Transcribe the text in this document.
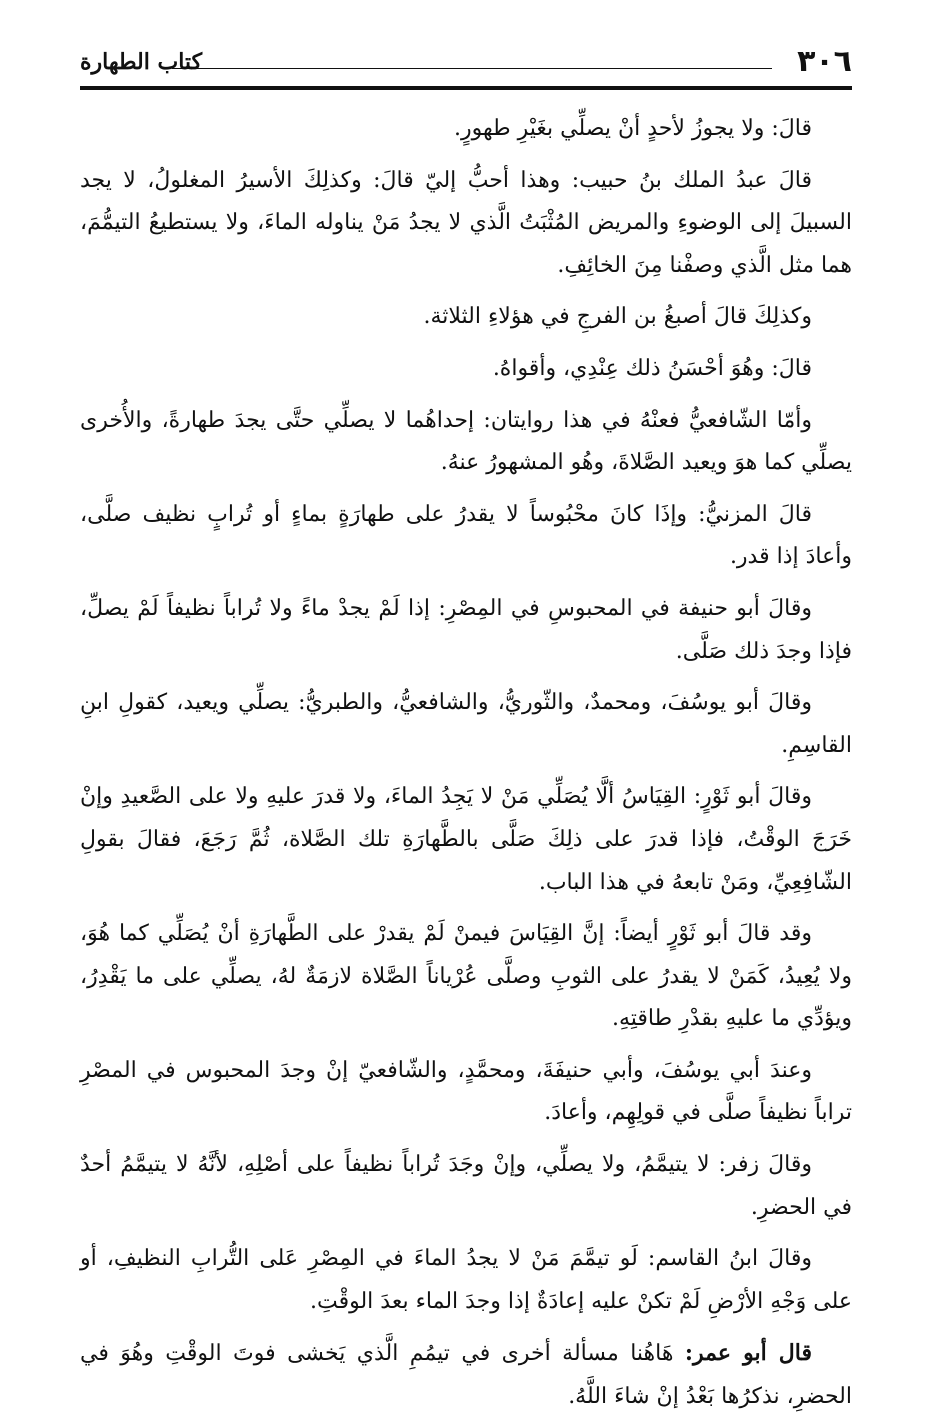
٣٠٦
كتاب الطهارة

قالَ: ولا يجوزُ لأحدٍ أنْ يصلِّي بغَيْرِ طهورٍ.

قالَ عبدُ الملك بنُ حبيب: وهذا أحبُّ إليّ قالَ: وكذلِكَ الأسيرُ المغلولُ، لا يجد السبيلَ إلى الوضوءِ والمريض المُثْبَتُ الَّذي لا يجدُ مَنْ يناوله الماءَ، ولا يستطيعُ التيمُّمَ، هما مثل الَّذي وصفْنا مِنَ الخائِفِ.

وكذلِكَ قالَ أصبغُ بن الفرجِ في هؤلاءِ الثلاثة.

قالَ: وهُوَ أحْسَنُ ذلك عِنْدِي، وأقواهُ.

وأمّا الشّافعيُّ فعنْهُ في هذا روايتان: إحداهُما لا يصلِّي حتَّى يجدَ طهارةً، والأُخرى يصلِّي كما هوَ ويعيد الصَّلاةَ، وهُو المشهورُ عنهُ.

قالَ المزنيُّ: وإذَا كانَ محْبُوساً لا يقدرُ على طهارَةٍ بماءٍ أو تُرابٍ نظيف صلَّى، وأعادَ إذا قدر.

وقالَ أبو حنيفة في المحبوسِ في المِصْرِ: إذا لَمْ يجدْ ماءً ولا تُراباً نظيفاً لَمْ يصلِّ، فإذا وجدَ ذلك صَلَّى.

وقالَ أبو يوسُفَ، ومحمدٌ، والثّوريُّ، والشافعيُّ، والطبريُّ: يصلِّي ويعيد، كقولِ ابنِ القاسِمِ.

وقالَ أبو ثَوْرٍ: القِيَاسُ ألَّا يُصَلِّي مَنْ لا يَجِدُ الماءَ، ولا قدرَ عليهِ ولا على الصَّعيدِ وإنْ خَرَجَ الوقْتُ، فإذا قدرَ على ذلِكَ صَلَّى بالطَّهارَةِ تلك الصَّلاة، ثُمَّ رَجَعَ، فقالَ بقولِ الشّافِعِيِّ، ومَنْ تابعهُ في هذا الباب.

وقد قالَ أبو ثَوْرٍ أيضاً: إنَّ القِيَاسَ فيمنْ لَمْ يقدرْ على الطَّهارَةِ أنْ يُصَلِّي كما هُوَ، ولا يُعِيدُ، كَمَنْ لا يقدرُ على الثوبِ وصلَّى عُرْياناً الصَّلاة لازمَةٌ لهُ، يصلِّي على ما يَقْدِرُ، ويؤدِّي ما عليهِ بقدْرِ طاقتِهِ.

وعندَ أبي يوسُفَ، وأبي حنيفَةَ، ومحمَّدٍ، والشّافعيّ إنْ وجدَ المحبوس في المصْرِ تراباً نظيفاً صلَّى في قولِهِم، وأعادَ.

وقالَ زفر: لا يتيمَّمُ، ولا يصلِّي، وإنْ وجَدَ تُراباً نظيفاً على أصْلِهِ، لأنَّهُ لا يتيمَّمُ أحدٌ في الحضرِ.

وقالَ ابنُ القاسم: لَو تيمَّمَ مَنْ لا يجدُ الماءَ في المِصْرِ عَلى التُّرابِ النظيفِ، أو على وَجْهِ الأرْضِ لَمْ تكنْ عليه إعادَةٌ إذا وجدَ الماء بعدَ الوقْتِ.

قال أبو عمر: هَاهُنا مسألة أخرى في تيمُمِ الَّذي يَخشى فوتَ الوقْتِ وهُوَ في الحضرِ، نذكرُها بَعْدُ إنْ شاءَ اللَّهُ.
